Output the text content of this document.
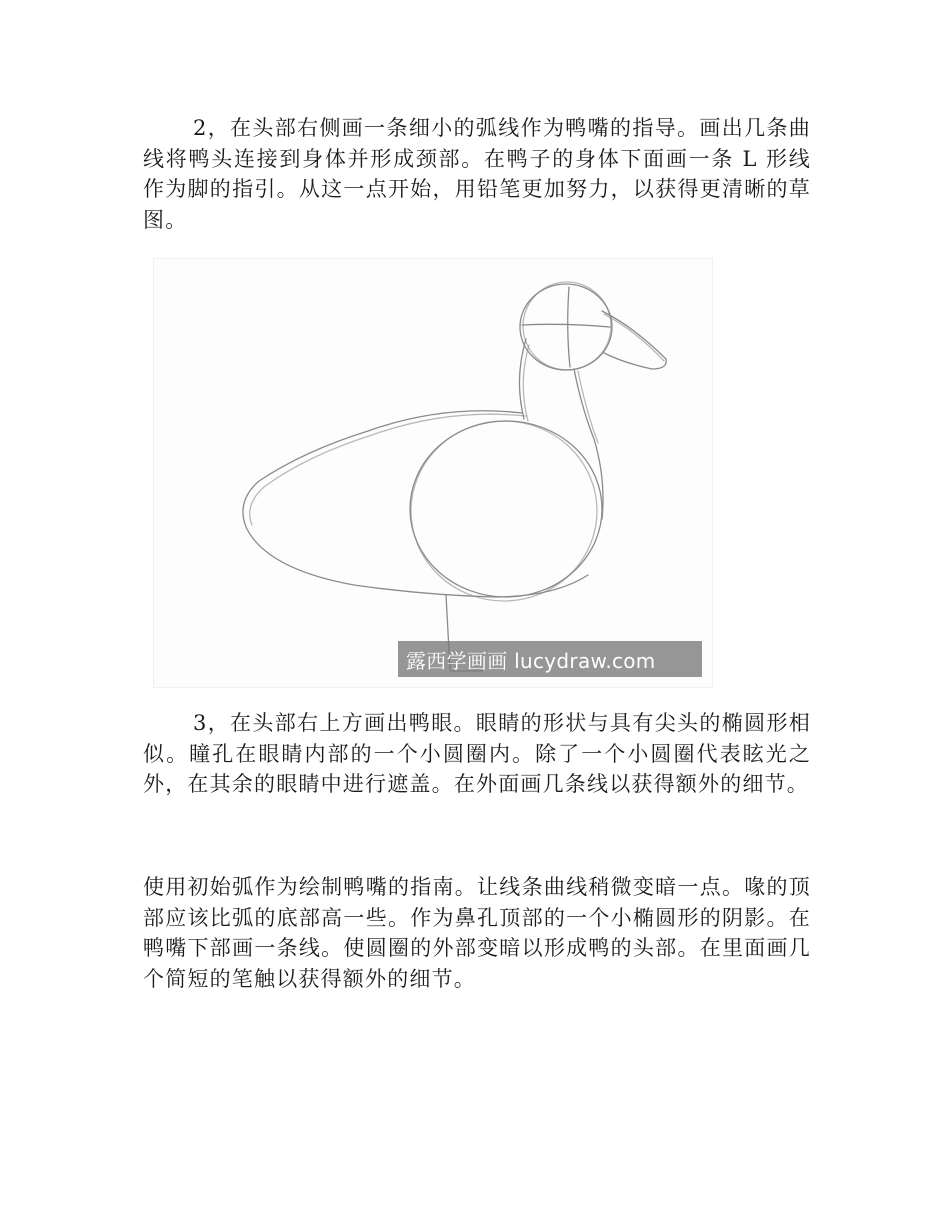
2，在头部右侧画一条细小的弧线作为鸭嘴的指导。画出几条曲线将鸭头连接到身体并形成颈部。在鸭子的身体下面画一条 L 形线作为脚的指引。从这一点开始，用铅笔更加努力，以获得更清晰的草图。

露西学画画 lucydraw.com

3，在头部右上方画出鸭眼。眼睛的形状与具有尖头的椭圆形相似。瞳孔在眼睛内部的一个小圆圈内。除了一个小圆圈代表眩光之外，在其余的眼睛中进行遮盖。在外面画几条线以获得额外的细节。

使用初始弧作为绘制鸭嘴的指南。让线条曲线稍微变暗一点。喙的顶部应该比弧的底部高一些。作为鼻孔顶部的一个小椭圆形的阴影。在鸭嘴下部画一条线。使圆圈的外部变暗以形成鸭的头部。在里面画几个简短的笔触以获得额外的细节。
